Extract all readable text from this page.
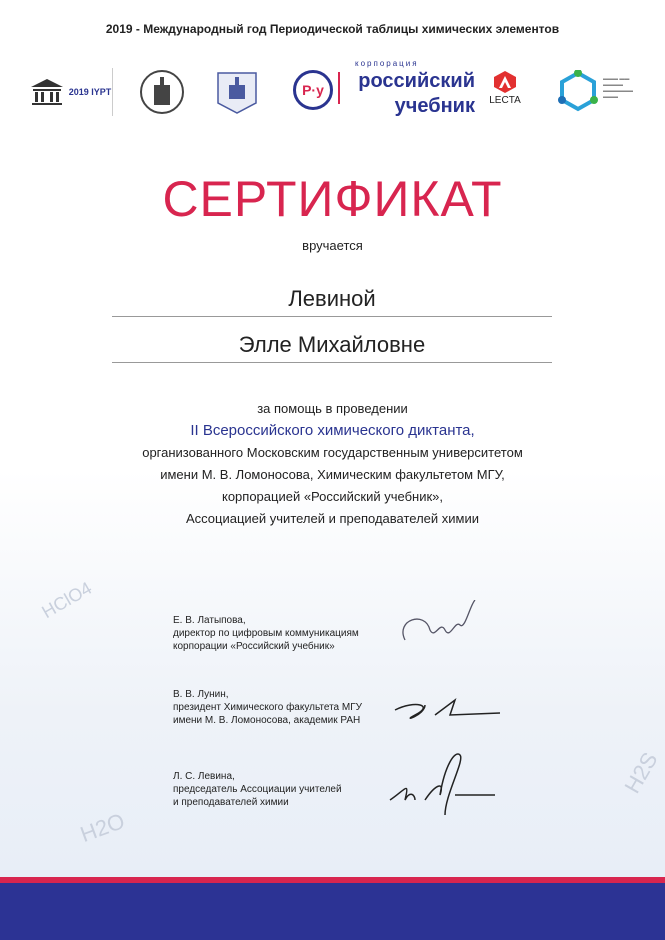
HClO4
H2O
H2S
2019 - Международный год Периодической таблицы химических элементов
2019 IYPT	Р·у
корпорация
российский
учебник	LECTA
▬▬▬ ▬▬
▬▬▬▬
▬▬▬▬▬▬
▬▬▬
СЕРТИФИКАТ
вручается
Левиной
Элле Михайловне
за помощь в проведении
II Всероссийского химического диктанта,
организованного Московским государственным университетом
имени М. В. Ломоносова, Химическим факультетом МГУ,
корпорацией «Российский учебник»,
Ассоциацией учителей и преподавателей химии
Е. В. Латыпова,
директор по цифровым коммуникациям
корпорации «Российский учебник»
В. В. Лунин,
президент Химического факультета МГУ
имени М. В. Ломоносова, академик РАН
Л. С. Левина,
председатель Ассоциации учителей
и преподавателей химии
